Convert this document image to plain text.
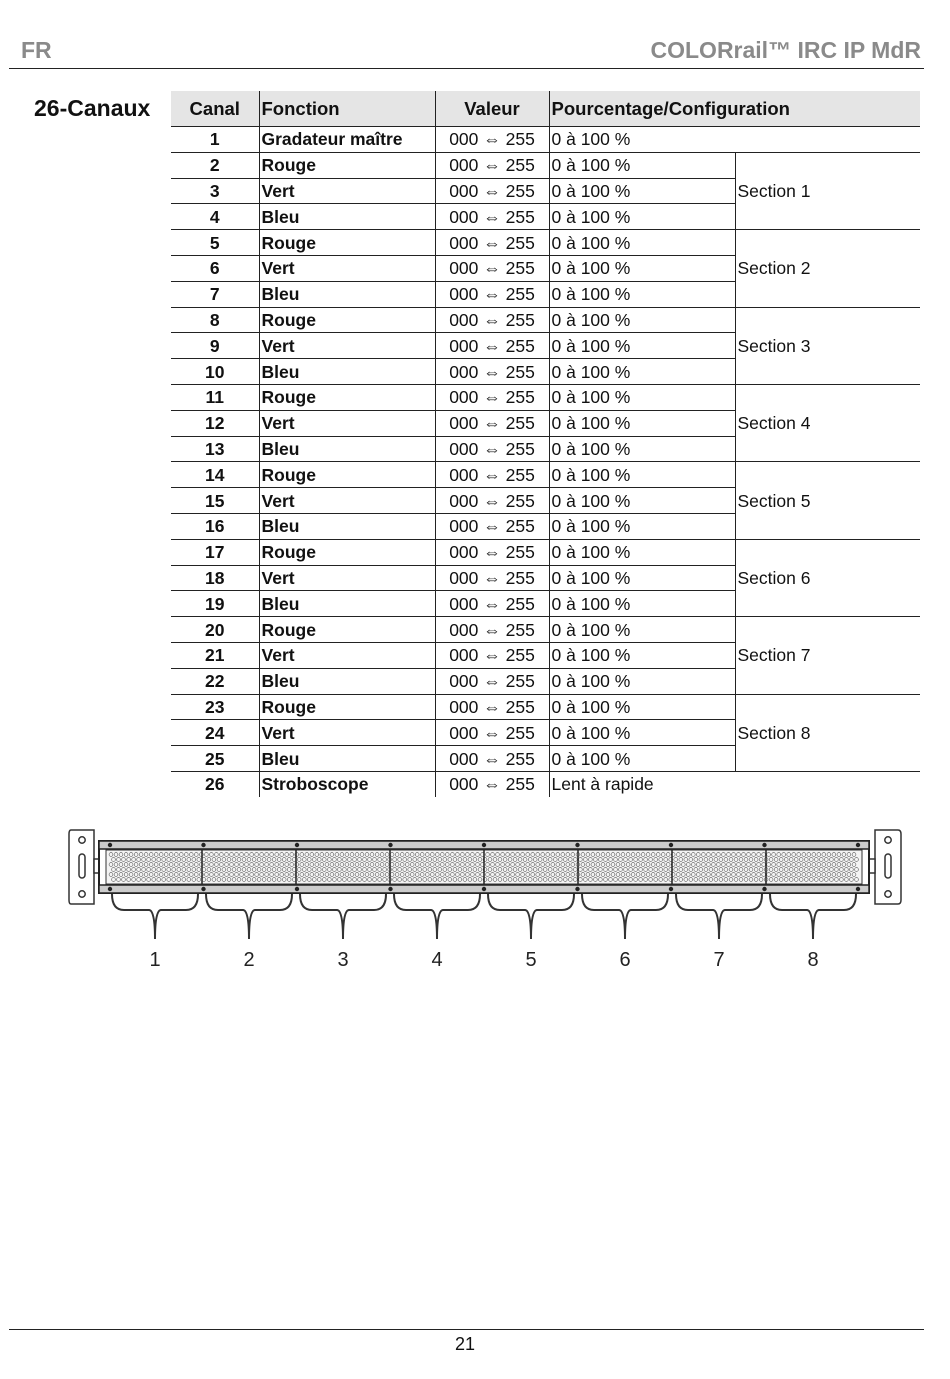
FR	COLORrail™ IRC IP MdR
26-Canaux Canal	Fonction	Valeur	Pourcentage/Configuration	
1	Gradateur maître	000 ⇔ 255	0 à 100 %	
2	Rouge	000 ⇔ 255	0 à 100 %	Section 1
3	Vert	000 ⇔ 255	0 à 100 %	
4	Bleu	000 ⇔ 255	0 à 100 %	
5	Rouge	000 ⇔ 255	0 à 100 %	Section 2
6	Vert	000 ⇔ 255	0 à 100 %	
7	Bleu	000 ⇔ 255	0 à 100 %	
8	Rouge	000 ⇔ 255	0 à 100 %	Section 3
9	Vert	000 ⇔ 255	0 à 100 %	
10	Bleu	000 ⇔ 255	0 à 100 %	
11	Rouge	000 ⇔ 255	0 à 100 %	Section 4
12	Vert	000 ⇔ 255	0 à 100 %	
13	Bleu	000 ⇔ 255	0 à 100 %	
14	Rouge	000 ⇔ 255	0 à 100 %	Section 5
15	Vert	000 ⇔ 255	0 à 100 %	
16	Bleu	000 ⇔ 255	0 à 100 %	
17	Rouge	000 ⇔ 255	0 à 100 %	Section 6
18	Vert	000 ⇔ 255	0 à 100 %	
19	Bleu	000 ⇔ 255	0 à 100 %	
20	Rouge	000 ⇔ 255	0 à 100 %	Section 7
21	Vert	000 ⇔ 255	0 à 100 %	
22	Bleu	000 ⇔ 255	0 à 100 %	
23	Rouge	000 ⇔ 255	0 à 100 %	Section 8
24	Vert	000 ⇔ 255	0 à 100 %	
25	Bleu	000 ⇔ 255	0 à 100 %	
26	Stroboscope	000 ⇔ 255	Lent à rapide	
1	2	3	4	5	6	7	8
21
